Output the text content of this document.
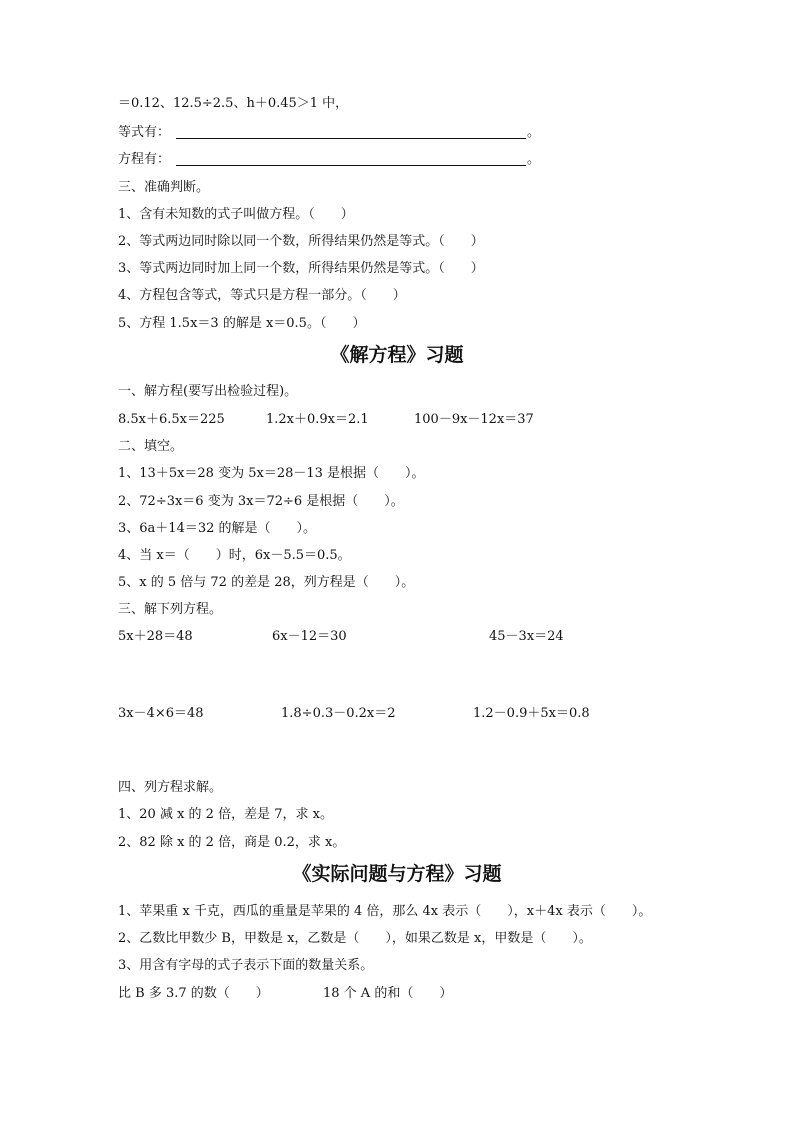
＝0.12、12.5÷2.5、h＋0.45＞1 中，
等式有：	。
方程有：	。
三、准确判断。
1、含有未知数的式子叫做方程。（　　）
2、等式两边同时除以同一个数，所得结果仍然是等式。（　　）
3、等式两边同时加上同一个数，所得结果仍然是等式。（　　）
4、方程包含等式，等式只是方程一部分。（　　）
5、方程 1.5x＝3 的解是 x＝0.5。（　　）
《解方程》习题
一、解方程(要写出检验过程)。
8.5x＋6.5x＝225	1.2x＋0.9x＝2.1	100－9x－12x＝37
二、填空。
1、13＋5x＝28 变为 5x＝28－13 是根据（　　）。
2、72÷3x＝6 变为 3x＝72÷6 是根据（　　）。
3、6a＋14＝32 的解是（　　）。
4、当 x＝（　　）时，6x－5.5＝0.5。
5、x 的 5 倍与 72 的差是 28，列方程是（　　）。
三、解下列方程。
5x＋28＝48	6x－12＝30	45－3x＝24
3x－4×6＝48	1.8÷0.3－0.2x＝2	1.2－0.9＋5x＝0.8
四、列方程求解。
1、20 减 x 的 2 倍，差是 7，求 x。
2、82 除 x 的 2 倍，商是 0.2，求 x。
《实际问题与方程》习题
1、苹果重 x 千克，西瓜的重量是苹果的 4 倍，那么 4x 表示（　　），x＋4x 表示（　　）。
2、乙数比甲数少 B，甲数是 x，乙数是（　　），如果乙数是 x，甲数是（　　）。
3、用含有字母的式子表示下面的数量关系。
比 B 多 3.7 的数（　　）	18 个 A 的和（　　）
